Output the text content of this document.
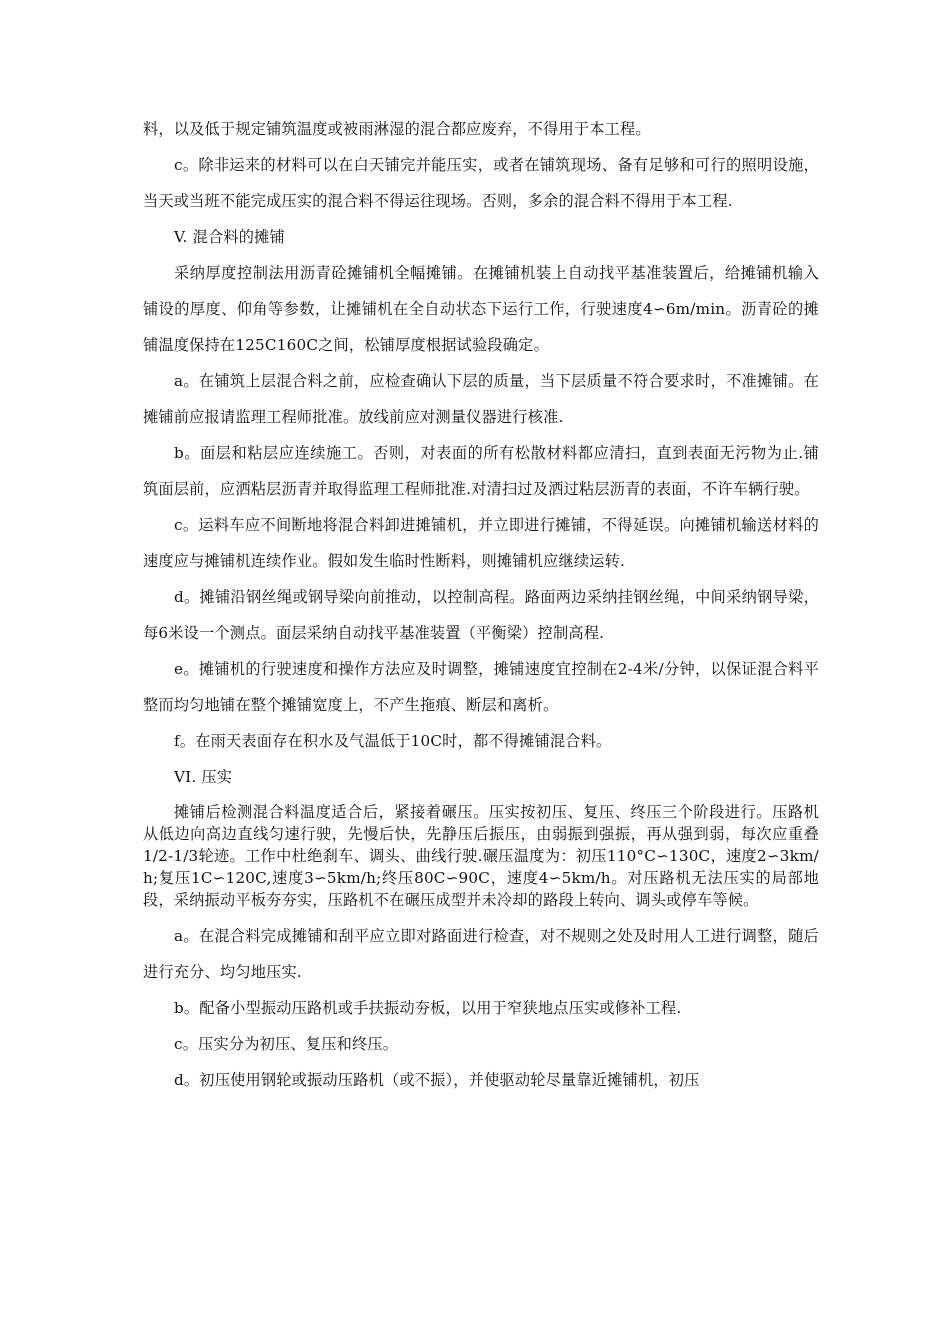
料，以及低于规定铺筑温度或被雨淋湿的混合都应废弃，不得用于本工程。

c。除非运来的材料可以在白天铺完并能压实，或者在铺筑现场、备有足够和可行的照明设施，当天或当班不能完成压实的混合料不得运往现场。否则，多余的混合料不得用于本工程.

V. 混合料的摊铺

采纳厚度控制法用沥青砼摊铺机全幅摊铺。在摊铺机装上自动找平基准装置后，给摊铺机输入铺设的厚度、仰角等参数，让摊铺机在全自动状态下运行工作，行驶速度4∽6m/min。沥青砼的摊铺温度保持在125C160C之间，松铺厚度根据试验段确定。

a。在铺筑上层混合料之前，应检查确认下层的质量，当下层质量不符合要求时，不准摊铺。在摊铺前应报请监理工程师批准。放线前应对测量仪器进行核准.

b。面层和粘层应连续施工。否则，对表面的所有松散材料都应清扫，直到表面无污物为止.铺筑面层前，应洒粘层沥青并取得监理工程师批准.对清扫过及洒过粘层沥青的表面，不许车辆行驶。

c。运料车应不间断地将混合料卸进摊铺机，并立即进行摊铺，不得延误。向摊铺机输送材料的速度应与摊铺机连续作业。假如发生临时性断料，则摊铺机应继续运转.

d。摊铺沿钢丝绳或钢导梁向前推动，以控制高程。路面两边采纳挂钢丝绳，中间采纳钢导梁，每6米设一个测点。面层采纳自动找平基准装置（平衡梁）控制高程.

e。摊铺机的行驶速度和操作方法应及时调整，摊铺速度宜控制在2-4米/分钟，以保证混合料平整而均匀地铺在整个摊铺宽度上，不产生拖痕、断层和离析。

f。在雨天表面存在积水及气温低于10C时，都不得摊铺混合料。

VI. 压实

摊铺后检测混合料温度适合后，紧接着碾压。压实按初压、复压、终压三个阶段进行。压路机从低边向高边直线匀速行驶，先慢后快，先静压后振压，由弱振到强振，再从强到弱，每次应重叠1/2-1/3轮迹。工作中杜绝刹车、调头、曲线行驶.碾压温度为：初压110°C∽130C，速度2∽3km/h;复压1C∽120C,速度3∽5km/h;终压80C∽90C，速度4∽5km/h。对压路机无法压实的局部地段，采纳振动平板夯夯实，压路机不在碾压成型并未冷却的路段上转向、调头或停车等候。

a。在混合料完成摊铺和刮平应立即对路面进行检查，对不规则之处及时用人工进行调整，随后进行充分、均匀地压实.

b。配备小型振动压路机或手扶振动夯板，以用于窄狭地点压实或修补工程.

c。压实分为初压、复压和终压。

d。初压使用钢轮或振动压路机（或不振），并使驱动轮尽量靠近摊铺机，初压
